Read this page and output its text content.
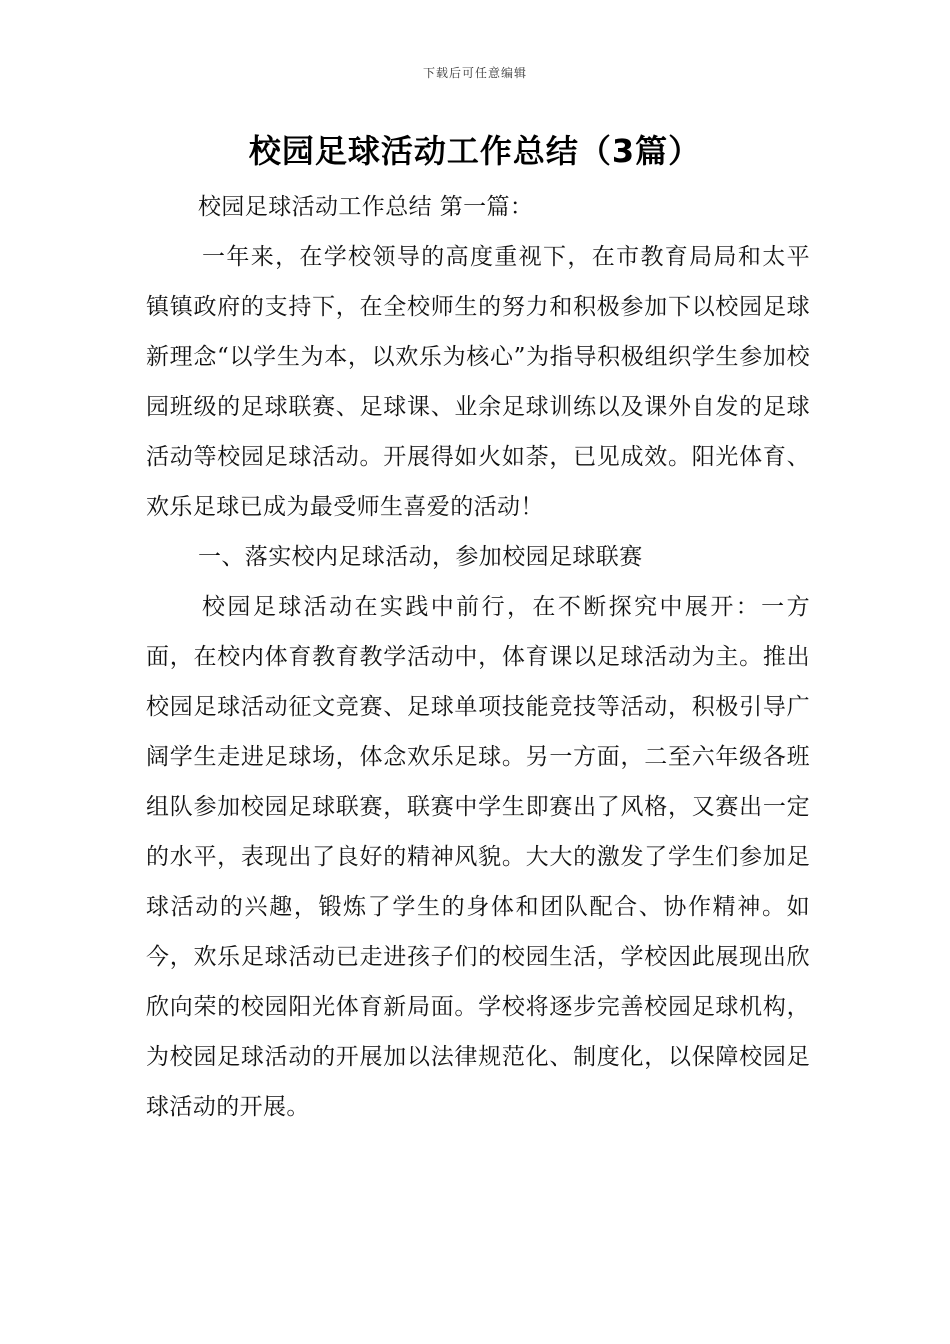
下载后可任意编辑
校园足球活动工作总结（3篇）

校园足球活动工作总结 第一篇：

一年来，在学校领导的高度重视下，在市教育局局和太平镇镇政府的支持下，在全校师生的努力和积极参加下以校园足球新理念“以学生为本，以欢乐为核心”为指导积极组织学生参加校园班级的足球联赛、足球课、业余足球训练以及课外自发的足球活动等校园足球活动。开展得如火如荼，已见成效。阳光体育、欢乐足球已成为最受师生喜爱的活动！

一、落实校内足球活动，参加校园足球联赛

校园足球活动在实践中前行，在不断探究中展开：一方面，在校内体育教育教学活动中，体育课以足球活动为主。推出校园足球活动征文竞赛、足球单项技能竞技等活动，积极引导广阔学生走进足球场，体念欢乐足球。另一方面，二至六年级各班组队参加校园足球联赛，联赛中学生即赛出了风格，又赛出一定的水平，表现出了良好的精神风貌。大大的激发了学生们参加足球活动的兴趣，锻炼了学生的身体和团队配合、协作精神。如今，欢乐足球活动已走进孩子们的校园生活，学校因此展现出欣欣向荣的校园阳光体育新局面。学校将逐步完善校园足球机构，为校园足球活动的开展加以法律规范化、制度化，以保障校园足球活动的开展。
